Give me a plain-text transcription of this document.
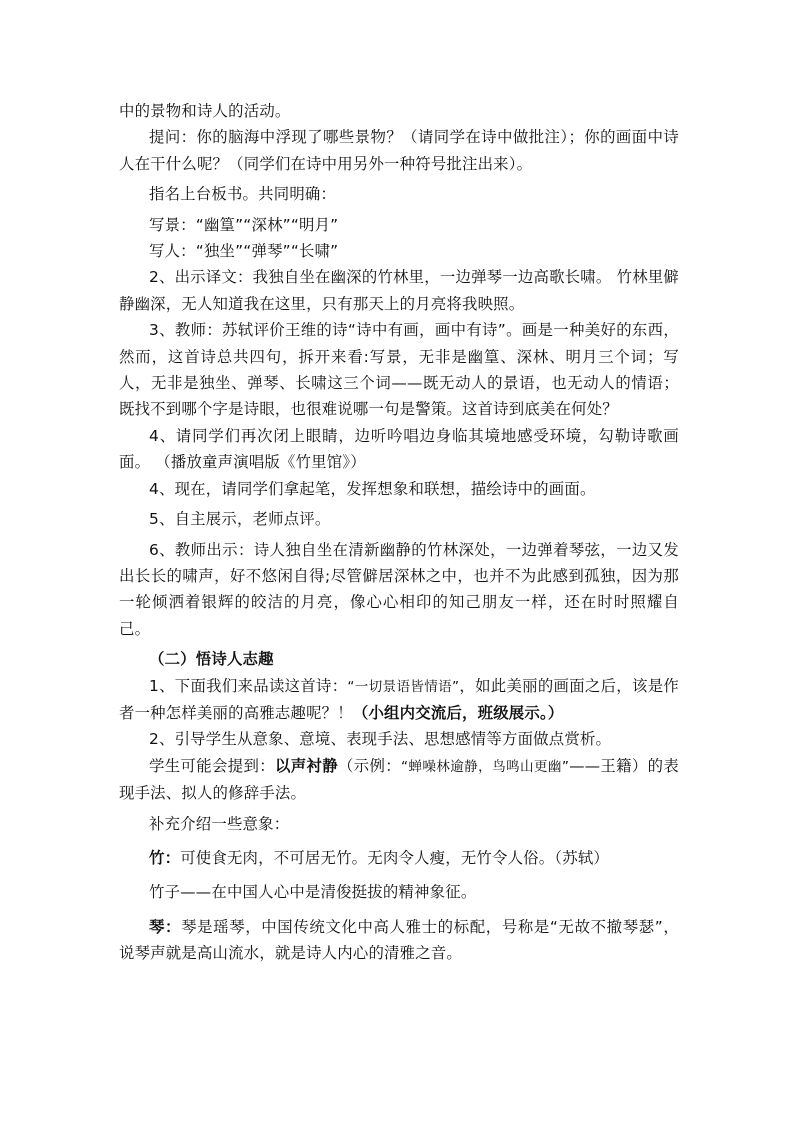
中的景物和诗人的活动。

提问：你的脑海中浮现了哪些景物？（请同学在诗中做批注）；你的画面中诗人在干什么呢？（同学们在诗中用另外一种符号批注出来）。

指名上台板书。共同明确：

写景：“幽篁”“深林”“明月”

写人：“独坐”“弹琴”“长啸”

2、出示译文：我独自坐在幽深的竹林里，一边弹琴一边高歌长啸。 竹林里僻静幽深，无人知道我在这里，只有那天上的月亮将我映照。

3、教师：苏轼评价王维的诗“诗中有画，画中有诗”。画是一种美好的东西，然而，这首诗总共四句，拆开来看:写景，无非是幽篁、深林、明月三个词；写人，无非是独坐、弹琴、长啸这三个词——既无动人的景语，也无动人的情语；既找不到哪个字是诗眼，也很难说哪一句是警策。这首诗到底美在何处？

4、请同学们再次闭上眼睛，边听吟唱边身临其境地感受环境，勾勒诗歌画面。 （播放童声演唱版《竹里馆》）

4、现在，请同学们拿起笔，发挥想象和联想，描绘诗中的画面。

5、自主展示，老师点评。

6、教师出示：诗人独自坐在清新幽静的竹林深处，一边弹着琴弦，一边又发出长长的啸声，好不悠闲自得;尽管僻居深林之中，也并不为此感到孤独，因为那一轮倾洒着银辉的皎洁的月亮，像心心相印的知己朋友一样，还在时时照耀自己。

（二）悟诗人志趣

1、下面我们来品读这首诗：“一切景语皆情语”，如此美丽的画面之后，该是作者一种怎样美丽的高雅志趣呢？！（小组内交流后，班级展示。）

2、引导学生从意象、意境、表现手法、思想感情等方面做点赏析。

学生可能会提到：以声衬静（示例：“蝉噪林逾静，鸟鸣山更幽”——王籍）的表现手法、拟人的修辞手法。

补充介绍一些意象：

竹：可使食无肉，不可居无竹。无肉令人瘦，无竹令人俗。（苏轼）

竹子——在中国人心中是清俊挺拔的精神象征。

琴：琴是瑶琴，中国传统文化中高人雅士的标配，号称是“无故不撤琴瑟”，说琴声就是高山流水，就是诗人内心的清雅之音。
